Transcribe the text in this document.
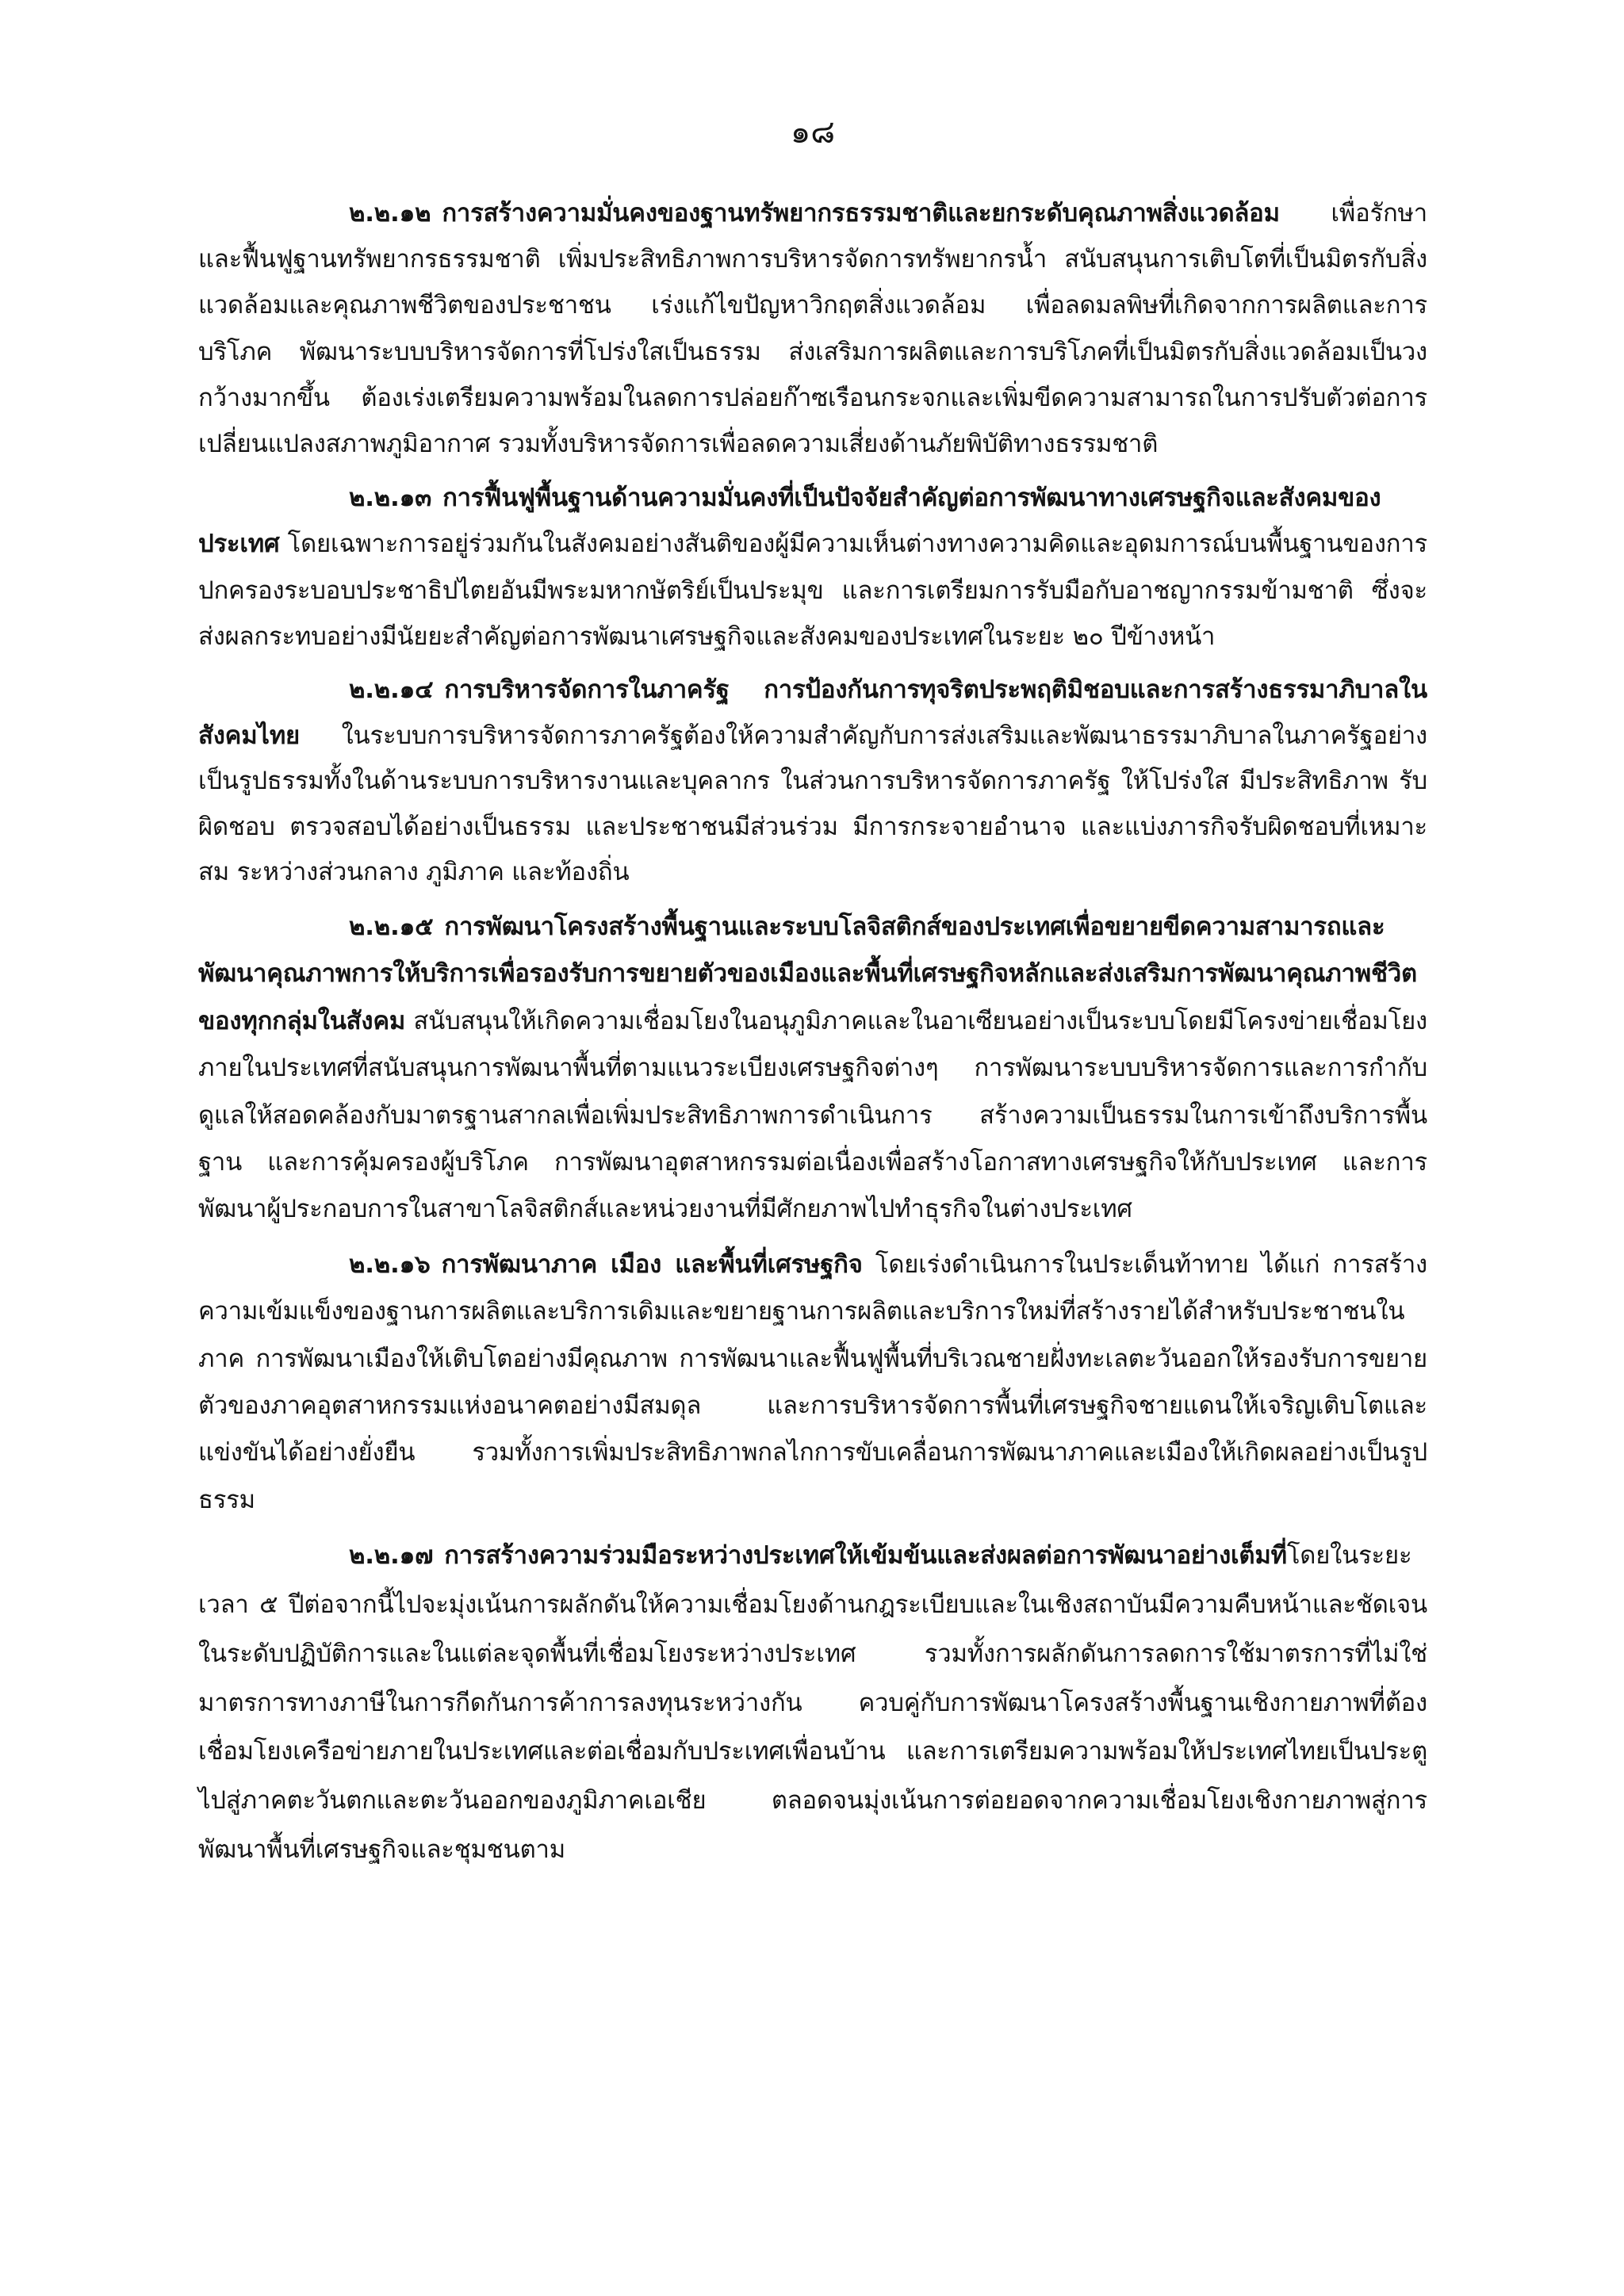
๑๘

๒.๒.๑๒ การสร้างความมั่นคงของฐานทรัพยากรธรรมชาติและยกระดับคุณภาพสิ่งแวดล้อม เพื่อรักษาและฟื้นฟูฐานทรัพยากรธรรมชาติ เพิ่มประสิทธิภาพการบริหารจัดการทรัพยากรน้ำ สนับสนุนการเติบโตที่เป็นมิตรกับสิ่งแวดล้อมและคุณภาพชีวิตของประชาชน เร่งแก้ไขปัญหาวิกฤตสิ่งแวดล้อม เพื่อลดมลพิษที่เกิดจากการผลิตและการบริโภค พัฒนาระบบบริหารจัดการที่โปร่งใสเป็นธรรม ส่งเสริมการผลิตและการบริโภคที่เป็นมิตรกับสิ่งแวดล้อมเป็นวงกว้างมากขึ้น ต้องเร่งเตรียมความพร้อมในลดการปล่อยก๊าซเรือนกระจกและเพิ่มขีดความสามารถในการปรับตัวต่อการเปลี่ยนแปลงสภาพภูมิอากาศ รวมทั้งบริหารจัดการเพื่อลดความเสี่ยงด้านภัยพิบัติทางธรรมชาติ

๒.๒.๑๓ การฟื้นฟูพื้นฐานด้านความมั่นคงที่เป็นปัจจัยสำคัญต่อการพัฒนาทางเศรษฐกิจและสังคมของประเทศ โดยเฉพาะการอยู่ร่วมกันในสังคมอย่างสันติของผู้มีความเห็นต่างทางความคิดและอุดมการณ์บนพื้นฐานของการปกครองระบอบประชาธิปไตยอันมีพระมหากษัตริย์เป็นประมุข และการเตรียมการรับมือกับอาชญากรรมข้ามชาติ ซึ่งจะส่งผลกระทบอย่างมีนัยยะสำคัญต่อการพัฒนาเศรษฐกิจและสังคมของประเทศในระยะ ๒๐ ปีข้างหน้า

๒.๒.๑๔ การบริหารจัดการในภาครัฐ การป้องกันการทุจริตประพฤติมิชอบและการสร้างธรรมาภิบาลในสังคมไทย ในระบบการบริหารจัดการภาครัฐต้องให้ความสำคัญกับการส่งเสริมและพัฒนาธรรมาภิบาลในภาครัฐอย่างเป็นรูปธรรมทั้งในด้านระบบการบริหารงานและบุคลากร ในส่วนการบริหารจัดการภาครัฐ ให้โปร่งใส มีประสิทธิภาพ รับผิดชอบ ตรวจสอบได้อย่างเป็นธรรม และประชาชนมีส่วนร่วม มีการกระจายอำนาจ และแบ่งภารกิจรับผิดชอบที่เหมาะสม ระหว่างส่วนกลาง ภูมิภาค และท้องถิ่น

๒.๒.๑๕ การพัฒนาโครงสร้างพื้นฐานและระบบโลจิสติกส์ของประเทศเพื่อขยายขีดความสามารถและพัฒนาคุณภาพการให้บริการเพื่อรองรับการขยายตัวของเมืองและพื้นที่เศรษฐกิจหลักและส่งเสริมการพัฒนาคุณภาพชีวิตของทุกกลุ่มในสังคม สนับสนุนให้เกิดความเชื่อมโยงในอนุภูมิภาคและในอาเซียนอย่างเป็นระบบโดยมีโครงข่ายเชื่อมโยงภายในประเทศที่สนับสนุนการพัฒนาพื้นที่ตามแนวระเบียงเศรษฐกิจต่างๆ การพัฒนาระบบบริหารจัดการและการกำกับดูแลให้สอดคล้องกับมาตรฐานสากลเพื่อเพิ่มประสิทธิภาพการดำเนินการ สร้างความเป็นธรรมในการเข้าถึงบริการพื้นฐาน และการคุ้มครองผู้บริโภค การพัฒนาอุตสาหกรรมต่อเนื่องเพื่อสร้างโอกาสทางเศรษฐกิจให้กับประเทศ และการพัฒนาผู้ประกอบการในสาขาโลจิสติกส์และหน่วยงานที่มีศักยภาพไปทำธุรกิจในต่างประเทศ

๒.๒.๑๖ การพัฒนาภาค เมือง และพื้นที่เศรษฐกิจ โดยเร่งดำเนินการในประเด็นท้าทาย ได้แก่ การสร้างความเข้มแข็งของฐานการผลิตและบริการเดิมและขยายฐานการผลิตและบริการใหม่ที่สร้างรายได้สำหรับประชาชนในภาค การพัฒนาเมืองให้เติบโตอย่างมีคุณภาพ การพัฒนาและฟื้นฟูพื้นที่บริเวณชายฝั่งทะเลตะวันออกให้รองรับการขยายตัวของภาคอุตสาหกรรมแห่งอนาคตอย่างมีสมดุล และการบริหารจัดการพื้นที่เศรษฐกิจชายแดนให้เจริญเติบโตและแข่งขันได้อย่างยั่งยืน รวมทั้งการเพิ่มประสิทธิภาพกลไกการขับเคลื่อนการพัฒนาภาคและเมืองให้เกิดผลอย่างเป็นรูปธรรม

๒.๒.๑๗ การสร้างความร่วมมือระหว่างประเทศให้เข้มข้นและส่งผลต่อการพัฒนาอย่างเต็มที่โดยในระยะเวลา ๕ ปีต่อจากนี้ไปจะมุ่งเน้นการผลักดันให้ความเชื่อมโยงด้านกฎระเบียบและในเชิงสถาบันมีความคืบหน้าและชัดเจนในระดับปฏิบัติการและในแต่ละจุดพื้นที่เชื่อมโยงระหว่างประเทศ รวมทั้งการผลักดันการลดการใช้มาตรการที่ไม่ใช่มาตรการทางภาษีในการกีดกันการค้าการลงทุนระหว่างกัน ควบคู่กับการพัฒนาโครงสร้างพื้นฐานเชิงกายภาพที่ต้องเชื่อมโยงเครือข่ายภายในประเทศและต่อเชื่อมกับประเทศเพื่อนบ้าน และการเตรียมความพร้อมให้ประเทศไทยเป็นประตูไปสู่ภาคตะวันตกและตะวันออกของภูมิภาคเอเชีย ตลอดจนมุ่งเน้นการต่อยอดจากความเชื่อมโยงเชิงกายภาพสู่การพัฒนาพื้นที่เศรษฐกิจและชุมชนตาม
